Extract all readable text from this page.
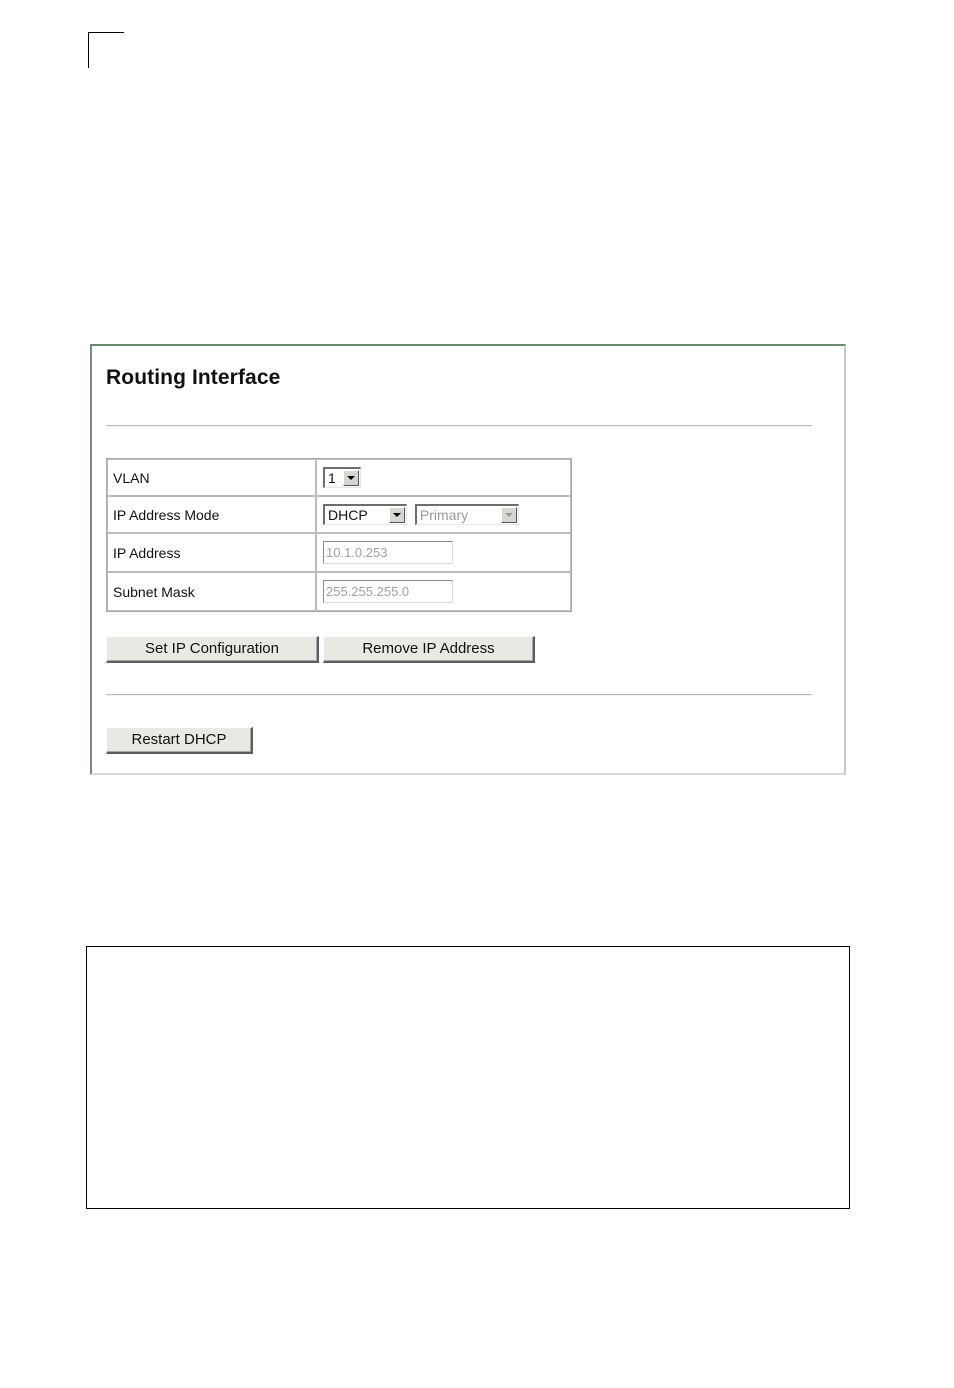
Routing Interface
VLAN	1

IP Address Mode	DHCP
Primary

IP Address	10.1.0.253
Subnet Mask	255.255.255.0
Set IP Configuration	Remove IP Address
Restart DHCP
